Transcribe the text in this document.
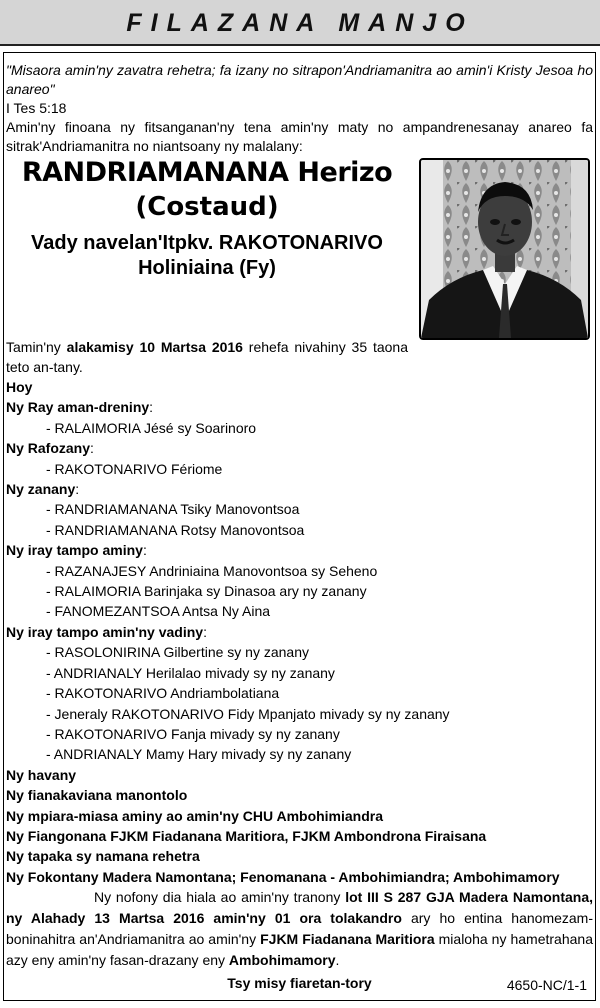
FILAZANA MANJO
"Misaora amin'ny zavatra rehetra; fa izany no sitrapon'Andriamanitra ao amin'i Kristy Jesoa ho anareo"
I Tes 5:18
Amin'ny finoana ny fitsanganan'ny tena amin'ny maty no ampandrenesanay anareo fa sitrak'Andriamanitra no niantsoany ny malalany:
RANDRIAMANANA Herizo
(Costaud)
Vady navelan'Itpkv. RAKOTONARIVO
Holiniaina (Fy)
Tamin'ny alakamisy 10 Martsa 2016 rehefa nivahiny 35 taona teto an-tany.
Hoy
Ny Ray aman-dreniny:
- RALAIMORIA Jésé sy Soarinoro
Ny Rafozany:
- RAKOTONARIVO Fériome
Ny zanany:
- RANDRIAMANANA Tsiky Manovontsoa
- RANDRIAMANANA Rotsy Manovontsoa
Ny iray tampo aminy:
- RAZANAJESY Andriniaina Manovontsoa sy Seheno
- RALAIMORIA Barinjaka sy Dinasoa ary ny zanany
- FANOMEZANTSOA Antsa Ny Aina
Ny iray tampo amin'ny vadiny:
- RASOLONIRINA Gilbertine sy ny zanany
- ANDRIANALY Herilalao mivady sy ny zanany
- RAKOTONARIVO Andriambolatiana
- Jeneraly RAKOTONARIVO Fidy Mpanjato mivady sy ny zanany
- RAKOTONARIVO Fanja mivady sy ny zanany
- ANDRIANALY Mamy Hary mivady sy ny zanany
Ny havany
Ny fianakaviana manontolo
Ny mpiara-miasa aminy ao amin'ny CHU Ambohimiandra
Ny Fiangonana FJKM Fiadanana Maritiora, FJKM Ambondrona Firaisana
Ny tapaka sy namana rehetra
Ny Fokontany Madera Namontana; Fenomanana - Ambohimiandra; Ambohimamory
Ny nofony dia hiala ao amin'ny tranony lot III S 287 GJA Madera Namontana, ny Alahady 13 Martsa 2016 amin'ny 01 ora tolakandro ary ho entina hanomezam-boninahitra an'Andriamanitra ao amin'ny FJKM Fiadanana Maritiora mialoha ny hametrahana azy eny amin'ny fasan-drazany eny Ambohimamory.
Tsy misy fiaretan-tory	4650-NC/1-1
